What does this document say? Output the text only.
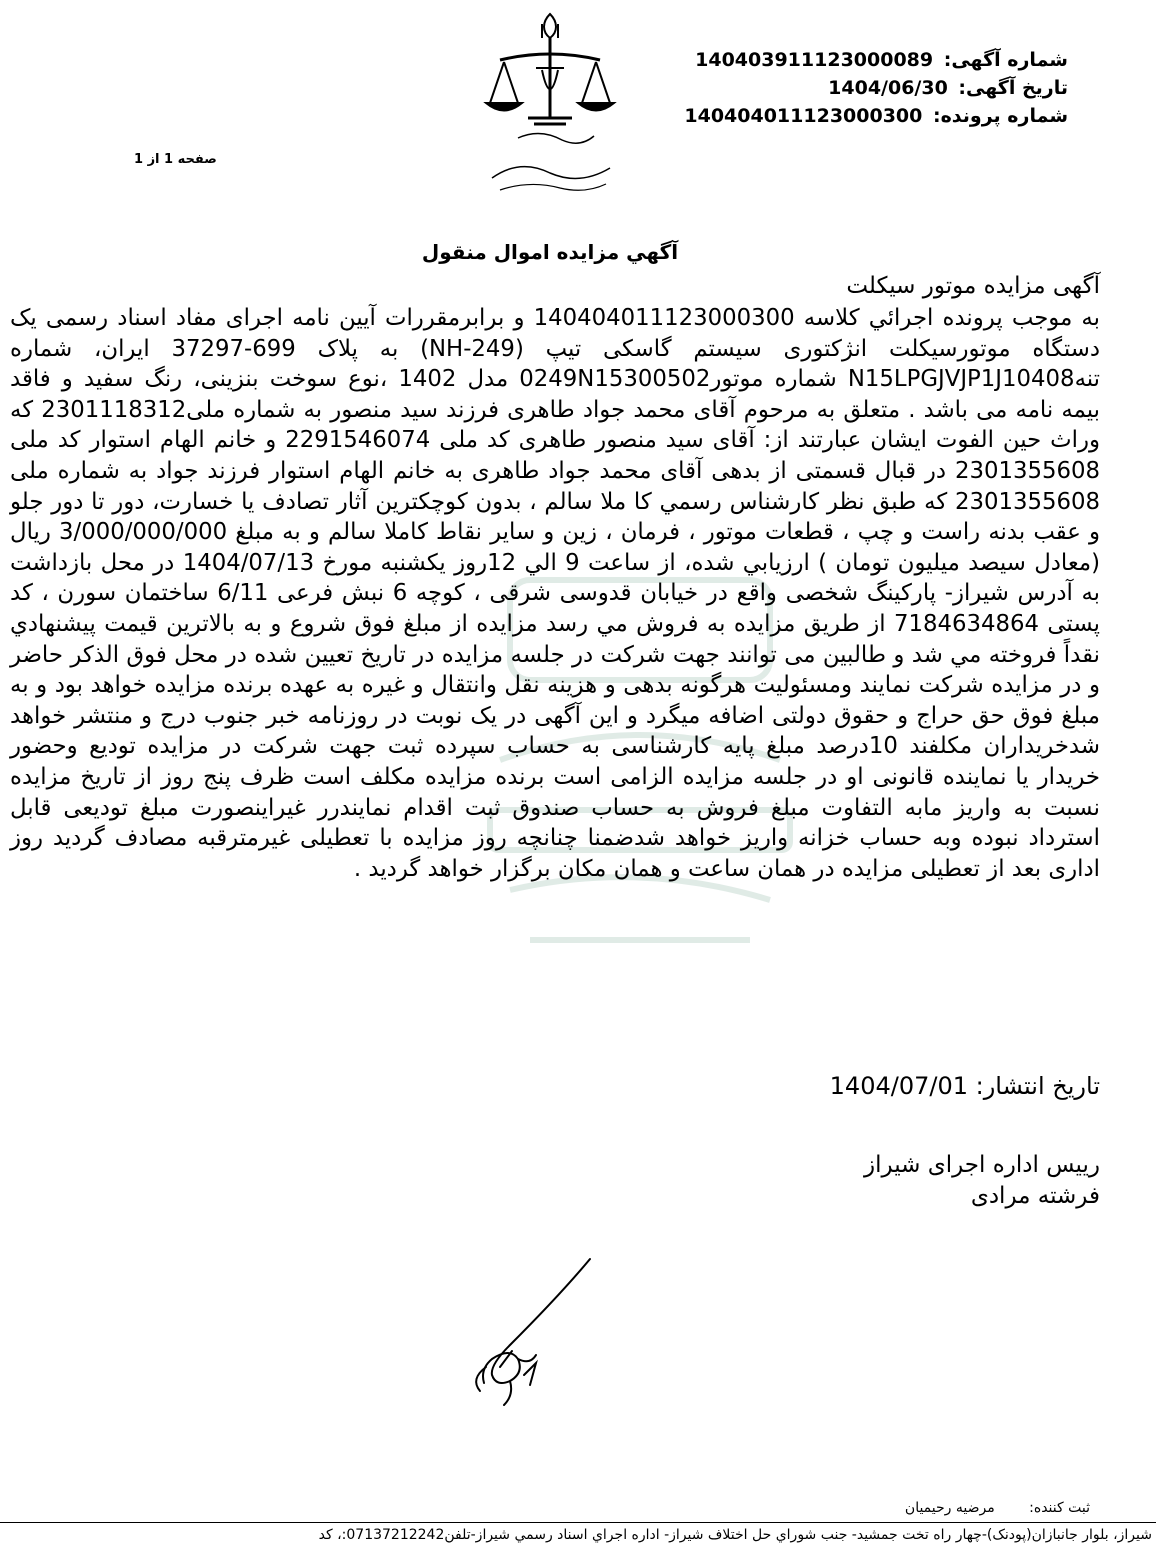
شماره آگهی: 140403911123000089
تاریخ آگهی: 1404/06/30
شماره پرونده: 140404011123000300
صفحه 1 از 1
آگهي مزايده اموال منقول
آگهی مزایده موتور سیکلت
به موجب پرونده اجرائي كلاسه 140404011123000300 و برابرمقررات آیین نامه اجرای مفاد اسناد رسمی یک دستگاه موتورسیکلت انژکتوری سیستم گاسکی تیپ (NH-249) به پلاک 699-37297 ایران، شماره تنهN15LPGJVJP1J10408 شماره موتور0249N15300502 مدل 1402 ،نوع سوخت بنزینی، رنگ سفید و فاقد بیمه نامه می باشد . متعلق به مرحوم آقای محمد جواد طاهری فرزند سید منصور به شماره ملی2301118312 که وراث حین الفوت ایشان عبارتند از: آقای سید منصور طاهری کد ملی 2291546074 و خانم الهام استوار کد ملی 2301355608 در قبال قسمتی از بدهی آقای محمد جواد طاهری به خانم الهام استوار فرزند جواد به شماره ملی 2301355608 که طبق نظر كارشناس رسمي كا ملا سالم ، بدون کوچکترین آثار تصادف یا خسارت، دور تا دور جلو و عقب بدنه راست و چپ ، قطعات موتور ، فرمان ، زین و سایر نقاط کاملا سالم و به مبلغ 3/000/000/000 ریال (معادل سیصد میلیون تومان ) ارزيابي شده، از ساعت 9 الي 12روز یکشنبه مورخ 1404/07/13 در محل بازداشت به آدرس شیراز- پارکینگ شخصی واقع در خیابان قدوسی شرقی ، کوچه 6 نبش فرعی 6/11 ساختمان سورن ، کد پستی 7184634864 از طريق مزايده به فروش مي رسد مزايده از مبلغ فوق شروع و به بالاترين قيمت پيشنهادي نقداً فروخته مي شد و طالبین می توانند جهت شرکت در جلسه مزایده در تاریخ تعیین شده در محل فوق الذکر حاضر و در مزایده شرکت نمایند ومسئولیت هرگونه بدهی و هزینه نقل وانتقال و غیره به عهده برنده مزایده خواهد بود و به مبلغ فوق حق حراج و حقوق دولتی اضافه میگرد و این آگهی در یک نوبت در روزنامه خبر جنوب درج و منتشر خواهد شدخریداران مکلفند 10درصد مبلغ پایه کارشناسی به حساب سپرده ثبت جهت شرکت در مزایده تودیع وحضور خریدار یا نماینده قانونی او در جلسه مزایده الزامی است برنده مزایده مکلف است ظرف پنج روز از تاریخ مزایده نسبت به واریز مابه التفاوت مبلغ فروش به حساب صندوق ثبت اقدام نمایندرر غیراینصورت مبلغ تودیعی قابل استرداد نبوده وبه حساب خزانه واریز خواهد شدضمنا چنانچه روز مزایده با تعطیلی غیرمترقبه مصادف گردید روز اداری بعد از تعطیلی مزایده در همان ساعت و همان مکان برگزار خواهد گردید .
تاریخ انتشار: 1404/07/01
رییس اداره اجرای شیراز
فرشته مرادی
ثبت كننده: مرضيه رحيميان
شيراز، بلوار جانبازان(پودنک)-چهار راه تخت جمشيد- جنب شوراي حل اختلاف شيراز- اداره اجراي اسناد رسمي شيراز-تلفن07137212242:، کد
